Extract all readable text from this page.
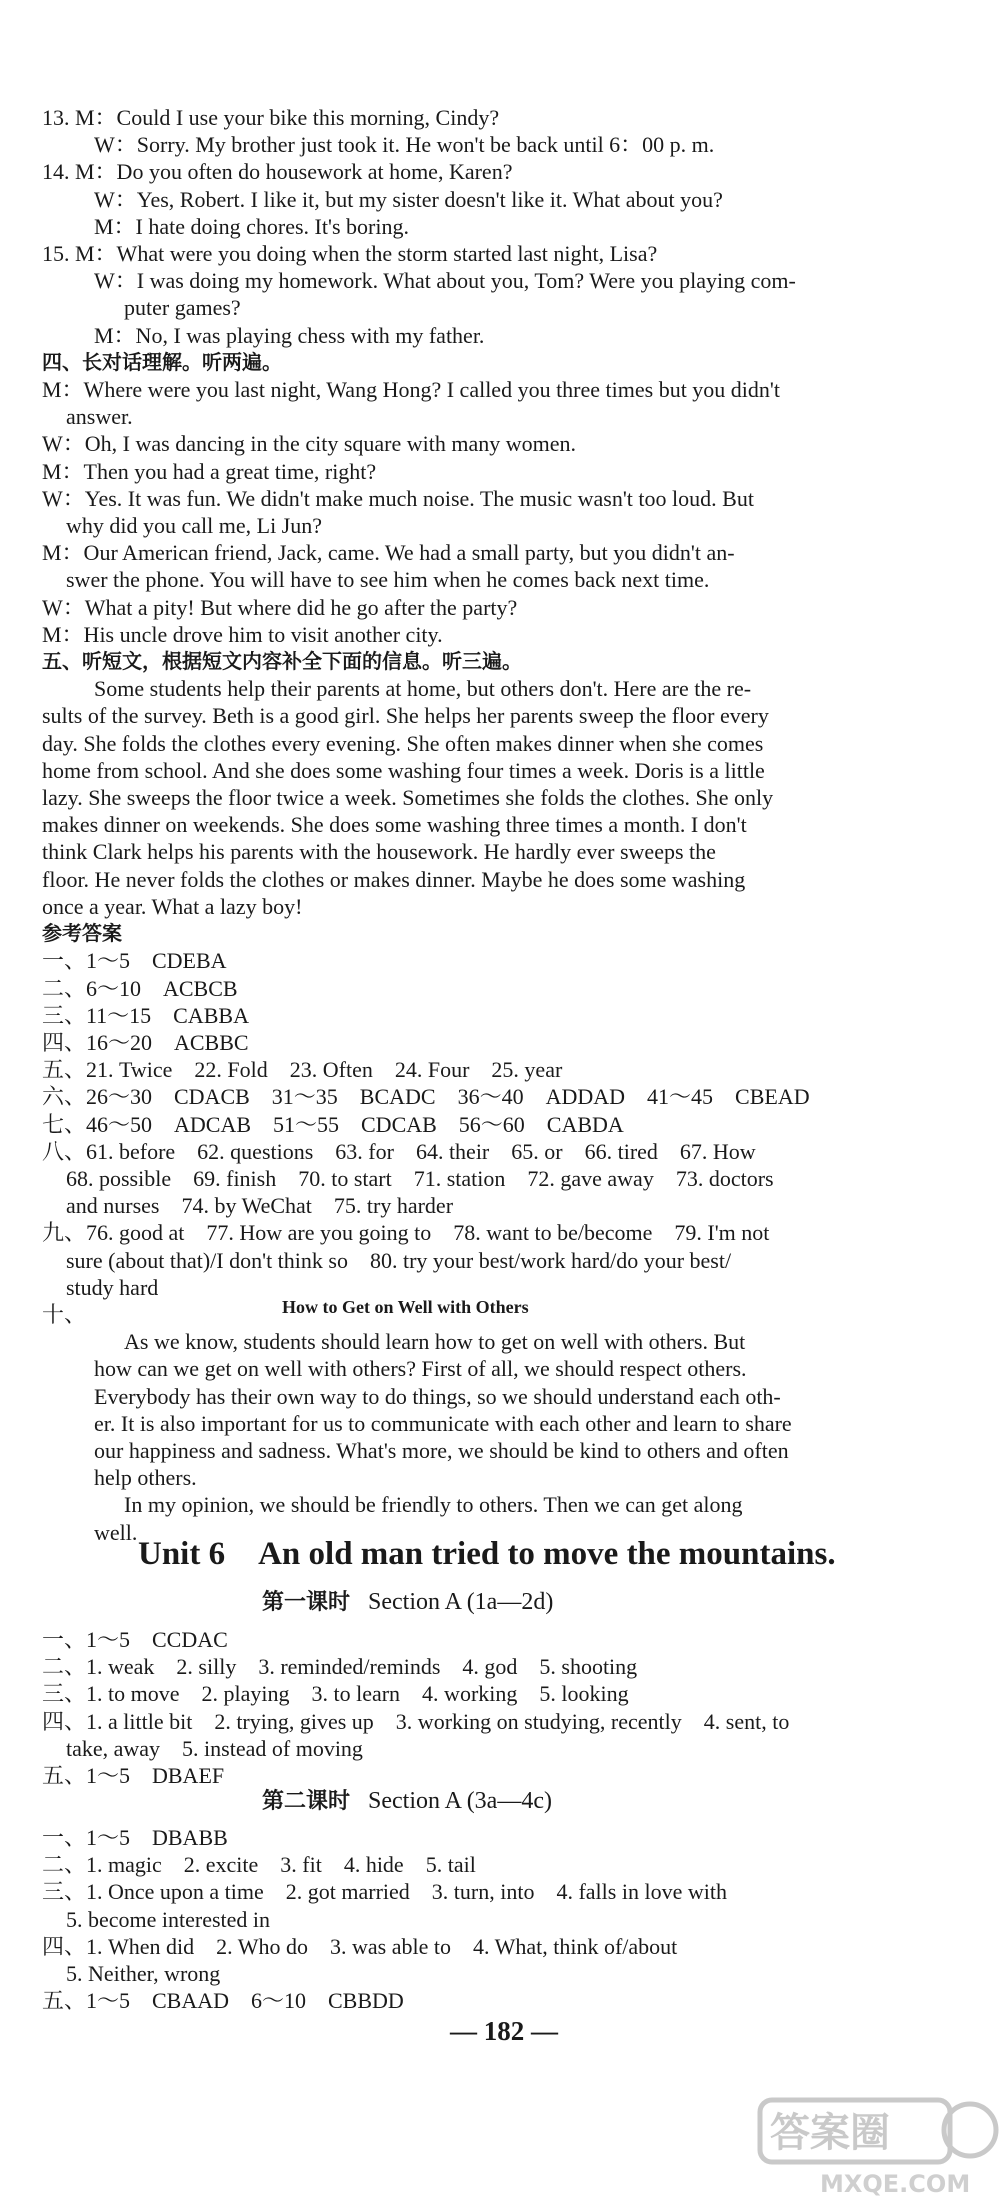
13. M：Could I use your bike this morning, Cindy?
W：Sorry. My brother just took it. He won't be back until 6：00 p. m.
14. M：Do you often do housework at home, Karen?
W：Yes, Robert. I like it, but my sister doesn't like it. What about you?
M：I hate doing chores. It's boring.
15. M：What were you doing when the storm started last night, Lisa?
W：I was doing my homework. What about you, Tom? Were you playing com-
puter games?
M：No, I was playing chess with my father.
四、长对话理解。听两遍。
M：Where were you last night, Wang Hong? I called you three times but you didn't
answer.
W：Oh, I was dancing in the city square with many women.
M：Then you had a great time, right?
W：Yes. It was fun. We didn't make much noise. The music wasn't too loud. But
why did you call me, Li Jun?
M：Our American friend, Jack, came. We had a small party, but you didn't an-
swer the phone. You will have to see him when he comes back next time.
W：What a pity! But where did he go after the party?
M：His uncle drove him to visit another city.
五、听短文，根据短文内容补全下面的信息。听三遍。
Some students help their parents at home, but others don't. Here are the re-
sults of the survey. Beth is a good girl. She helps her parents sweep the floor every
day. She folds the clothes every evening. She often makes dinner when she comes
home from school. And she does some washing four times a week. Doris is a little
lazy. She sweeps the floor twice a week. Sometimes she folds the clothes. She only
makes dinner on weekends. She does some washing three times a month. I don't
think Clark helps his parents with the housework. He hardly ever sweeps the
floor. He never folds the clothes or makes dinner. Maybe he does some washing
once a year. What a lazy boy!
参考答案
一、1～5　CDEBA
二、6～10　ACBCB
三、11～15　CABBA
四、16～20　ACBBC
五、21. Twice　22. Fold　23. Often　24. Four　25. year
六、26～30　CDACB　31～35　BCADC　36～40　ADDAD　41～45　CBEAD
七、46～50　ADCAB　51～55　CDCAB　56～60　CABDA
八、61. before　62. questions　63. for　64. their　65. or　66. tired　67. How
68. possible　69. finish　70. to start　71. station　72. gave away　73. doctors
and nurses　74. by WeChat　75. try harder
九、76. good at　77. How are you going to　78. want to be/become　79. I'm not
sure (about that)/I don't think so　80. try your best/work hard/do your best/
study hard
十、
As we know, students should learn how to get on well with others. But
how can we get on well with others? First of all, we should respect others.
Everybody has their own way to do things, so we should understand each oth-
er. It is also important for us to communicate with each other and learn to share
our happiness and sadness. What's more, we should be kind to others and often
help others.
In my opinion, we should be friendly to others. Then we can get along
well.
How to Get on Well with Others
Unit 6　An old man tried to move the mountains.
第一课时 Section A (1a—2d)
一、1～5　CCDAC
二、1. weak　2. silly　3. reminded/reminds　4. god　5. shooting
三、1. to move　2. playing　3. to learn　4. working　5. looking
四、1. a little bit　2. trying, gives up　3. working on studying, recently　4. sent, to
take, away　5. instead of moving
五、1～5　DBAEF
第二课时 Section A (3a—4c)
一、1～5　DBABB
二、1. magic　2. excite　3. fit　4. hide　5. tail
三、1. Once upon a time　2. got married　3. turn, into　4. falls in love with
5. become interested in
四、1. When did　2. Who do　3. was able to　4. What, think of/about
5. Neither, wrong
五、1～5　CBAAD　6～10　CBBDD
— 182 —
答案圈
MXQE.COM
